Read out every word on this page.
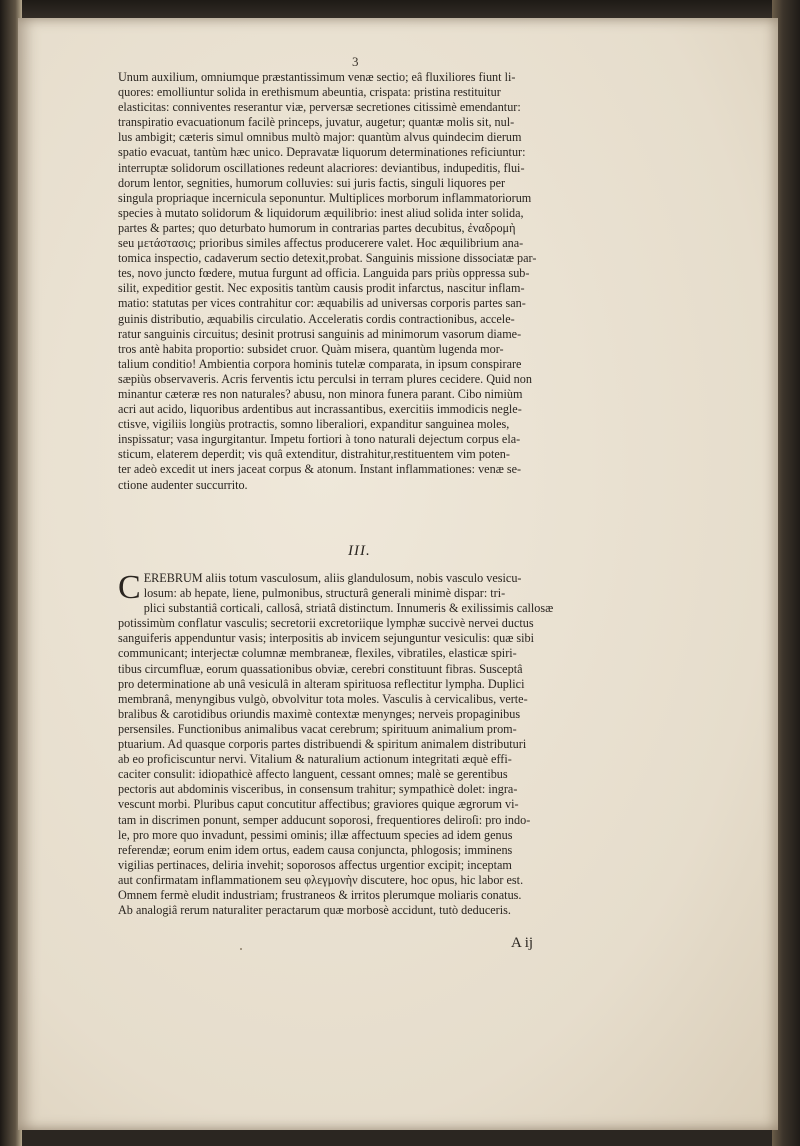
3
Unum auxilium, omniumque præstantissimum venæ sectio; eâ fluxiliores fiunt li-
quores: emolliuntur solida in erethismum abeuntia, crispata: pristina restituitur
elasticitas: conniventes reserantur viæ, perversæ secretiones citissimè emendantur:
transpiratio evacuationum facilè princeps, juvatur, augetur; quantæ molis sit, nul-
lus ambigit; cæteris simul omnibus multò major: quantùm alvus quindecim dierum
spatio evacuat, tantùm hæc unico. Depravatæ liquorum determinationes reficiuntur:
interruptæ solidorum oscillationes redeunt alacriores: deviantibus, indupeditis, flui-
dorum lentor, segnities, humorum colluvies: sui juris factis, singuli liquores per
singula propriaque incernicula seponuntur. Multiplices morborum inflammatoriorum
species à mutato solidorum & liquidorum æquilibrio: inest aliud solida inter solida,
partes & partes; quo deturbato humorum in contrarias partes decubitus, ἐναδρομὴ
seu μετάστασις; prioribus similes affectus producerere valet. Hoc æquilibrium ana-
tomica inspectio, cadaverum sectio detexit,probat. Sanguinis missione dissociatæ par-
tes, novo juncto fœdere, mutua furgunt ad officia. Languida pars priùs oppressa sub-
silit, expeditior gestit. Nec expositis tantùm causis prodit infarctus, nascitur inflam-
matio: statutas per vices contrahitur cor: æquabilis ad universas corporis partes san-
guinis distributio, æquabilis circulatio. Acceleratis cordis contractionibus, accele-
ratur sanguinis circuitus; desinit protrusi sanguinis ad minimorum vasorum diame-
tros antè habita proportio: subsidet cruor. Quàm misera, quantùm lugenda mor-
talium conditio! Ambientia corpora hominis tutelæ comparata, in ipsum conspirare
sæpiùs observaveris. Acris ferventis ictu perculsi in terram plures cecidere. Quid non
minantur cæteræ res non naturales? abusu, non minora funera parant. Cibo nimiùm
acri aut acido, liquoribus ardentibus aut incrassantibus, exercitiis immodicis negle-
ctisve, vigiliis longiùs protractis, somno liberaliori, expanditur sanguinea moles,
inspissatur; vasa ingurgitantur. Impetu fortiori à tono naturali dejectum corpus ela-
sticum, elaterem deperdit; vis quâ extenditur, distrahitur,restituentem vim poten-
ter adeò excedit ut iners jaceat corpus & atonum. Instant inflammationes: venæ se-
ctione audenter succurrito.
III.
C EREBRUM aliis totum vasculosum, aliis glandulosum, nobis vasculo vesicu-
losum: ab hepate, liene, pulmonibus, structurâ generali minimè dispar: tri-
plici substantiâ corticali, callosâ, striatâ distinctum. Innumeris & exilissimis callosæ
potissimùm conflatur vasculis; secretorii excretoriique lymphæ succivè nervei ductus
sanguiferis appenduntur vasis; interpositis ab invicem sejunguntur vesiculis: quæ sibi
communicant; interjectæ columnæ membraneæ, flexiles, vibratiles, elasticæ spiri-
tibus circumfluæ, eorum quassationibus obviæ, cerebri constituunt fibras. Susceptâ
pro determinatione ab unâ vesiculâ in alteram spirituosa reflectitur lympha. Duplici
membranâ, menyngibus vulgò, obvolvitur tota moles. Vasculis à cervicalibus, verte-
bralibus & carotidibus oriundis maximè contextæ menynges; nerveis propaginibus
persensiles. Functionibus animalibus vacat cerebrum; spirituum animalium prom-
ptuarium. Ad quasque corporis partes distribuendi & spiritum animalem distributuri
ab eo proficiscuntur nervi. Vitalium & naturalium actionum integritati æquè effi-
caciter consulit: idiopathicè affecto languent, cessant omnes; malè se gerentibus
pectoris aut abdominis visceribus, in consensum trahitur; sympathicè dolet: ingra-
vescunt morbi. Pluribus caput concutitur affectibus; graviores quique ægrorum vi-
tam in discrimen ponunt, semper adducunt soporosi, frequentiores deliroſi: pro indo-
le, pro more quo invadunt, pessimi ominis; illæ affectuum species ad idem genus
referendæ; eorum enim idem ortus, eadem causa conjuncta, phlogosis; imminens
vigilias pertinaces, deliria invehit; soporosos affectus urgentior excipit; inceptam
aut confirmatam inflammationem seu φλεγμονὴν discutere, hoc opus, hic labor est.
Omnem fermè eludit industriam; frustraneos & irritos plerumque moliaris conatus.
Ab analogiâ rerum naturaliter peractarum quæ morbosè accidunt, tutò deduceris.
A ij
